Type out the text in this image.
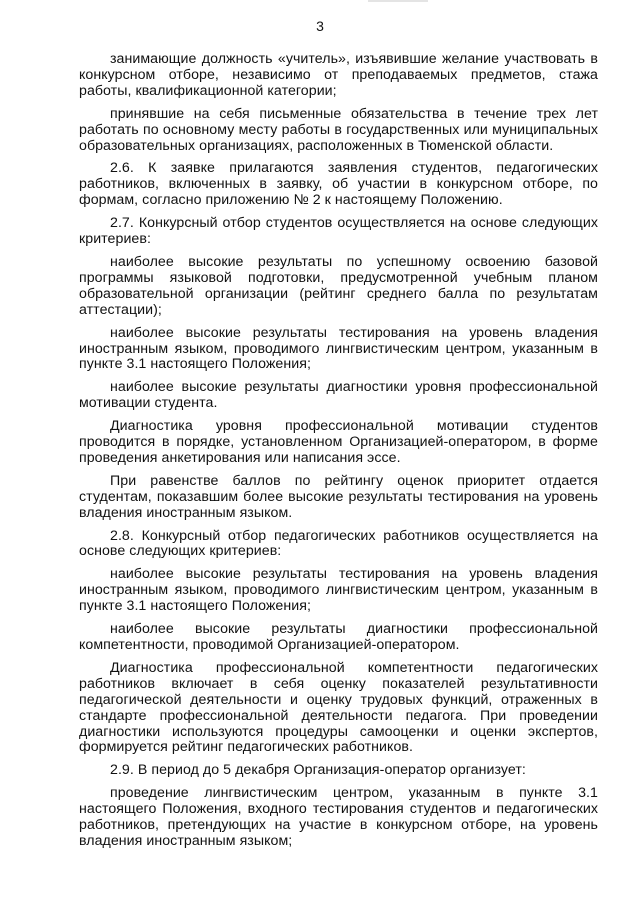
3

занимающие должность «учитель», изъявившие желание участвовать в конкурсном отборе, независимо от преподаваемых предметов, стажа работы, квалификационной категории;

принявшие на себя письменные обязательства в течение трех лет работать по основному месту работы в государственных или муниципальных образовательных организациях, расположенных в Тюменской области.

2.6. К заявке прилагаются заявления студентов, педагогических работников, включенных в заявку, об участии в конкурсном отборе, по формам, согласно приложению № 2 к настоящему Положению.

2.7. Конкурсный отбор студентов осуществляется на основе следующих критериев:

наиболее высокие результаты по успешному освоению базовой программы языковой подготовки, предусмотренной учебным планом образовательной организации (рейтинг среднего балла по результатам аттестации);

наиболее высокие результаты тестирования на уровень владения иностранным языком, проводимого лингвистическим центром, указанным в пункте 3.1 настоящего Положения;

наиболее высокие результаты диагностики уровня профессиональной мотивации студента.

Диагностика уровня профессиональной мотивации студентов проводится в порядке, установленном Организацией-оператором, в форме проведения анкетирования или написания эссе.

При равенстве баллов по рейтингу оценок приоритет отдается студентам, показавшим более высокие результаты тестирования на уровень владения иностранным языком.

2.8. Конкурсный отбор педагогических работников осуществляется на основе следующих критериев:

наиболее высокие результаты тестирования на уровень владения иностранным языком, проводимого лингвистическим центром, указанным в пункте 3.1 настоящего Положения;

наиболее высокие результаты диагностики профессиональной компетентности, проводимой Организацией-оператором.

Диагностика профессиональной компетентности педагогических работников включает в себя оценку показателей результативности педагогической деятельности и оценку трудовых функций, отраженных в стандарте профессиональной деятельности педагога. При проведении диагностики используются процедуры самооценки и оценки экспертов, формируется рейтинг педагогических работников.

2.9. В период до 5 декабря Организация-оператор организует:

проведение лингвистическим центром, указанным в пункте 3.1 настоящего Положения, входного тестирования студентов и педагогических работников, претендующих на участие в конкурсном отборе, на уровень владения иностранным языком;
